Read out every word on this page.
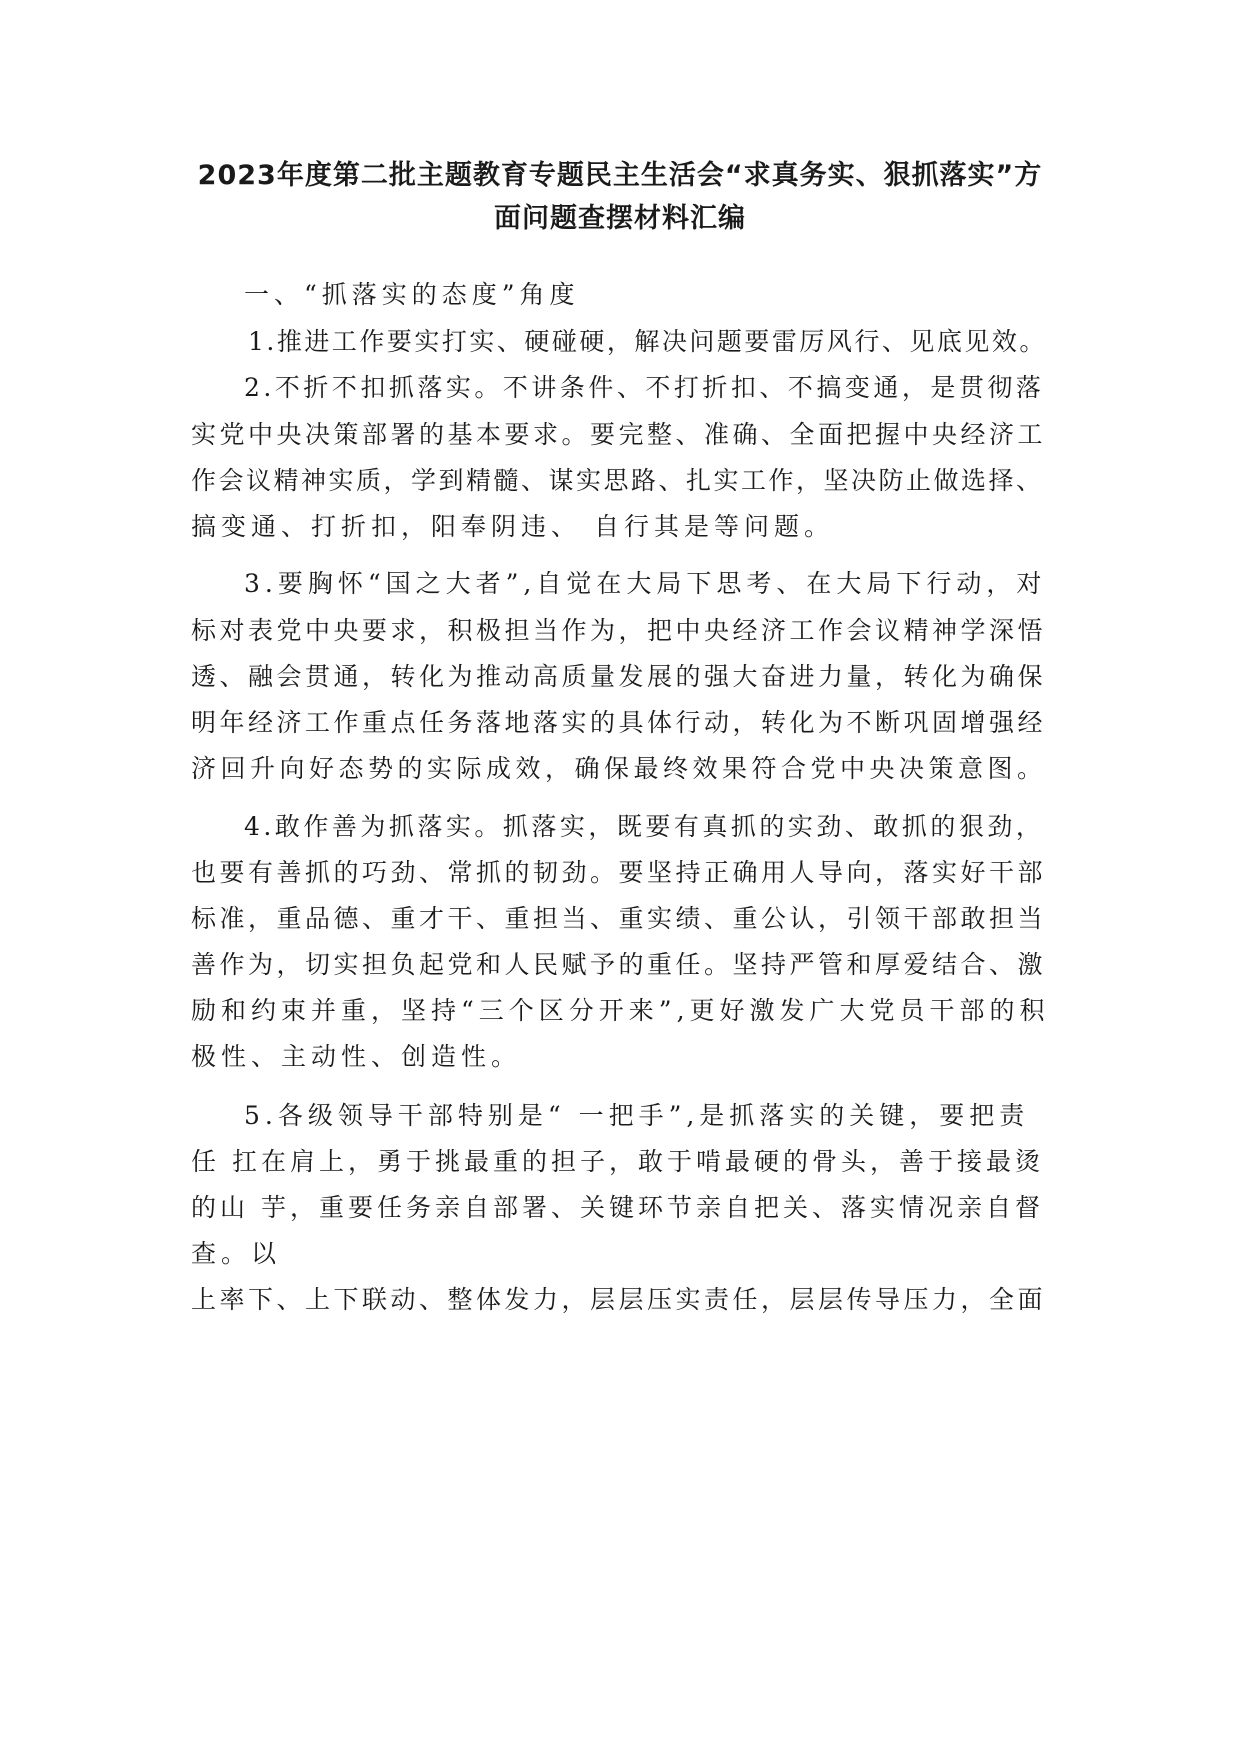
2023年度第二批主题教育专题民主生活会“求真务实、狠抓落实”方
面问题查摆材料汇编
一、“抓落实的态度”角度
1.推进工作要实打实、硬碰硬，解决问题要雷厉风行、见底见效。
2.不折不扣抓落实。不讲条件、不打折扣、不搞变通，是贯彻落
实党中央决策部署的基本要求。要完整、准确、全面把握中央经济工
作会议精神实质，学到精髓、谋实思路、扎实工作，坚决防止做选择、
搞变通、打折扣，阳奉阴违、 自行其是等问题。
3.要胸怀“国之大者”,自觉在大局下思考、在大局下行动，对
标对表党中央要求，积极担当作为，把中央经济工作会议精神学深悟
透、融会贯通，转化为推动高质量发展的强大奋进力量，转化为确保
明年经济工作重点任务落地落实的具体行动，转化为不断巩固增强经
济回升向好态势的实际成效，确保最终效果符合党中央决策意图。
4.敢作善为抓落实。抓落实，既要有真抓的实劲、敢抓的狠劲，
也要有善抓的巧劲、常抓的韧劲。要坚持正确用人导向，落实好干部
标准，重品德、重才干、重担当、重实绩、重公认，引领干部敢担当
善作为，切实担负起党和人民赋予的重任。坚持严管和厚爱结合、激
励和约束并重，坚持“三个区分开来”,更好激发广大党员干部的积
极性、主动性、创造性。
5.各级领导干部特别是“ 一把手”,是抓落实的关键，要把责
任 扛在肩上，勇于挑最重的担子，敢于啃最硬的骨头，善于接最烫
的山 芋，重要任务亲自部署、关键环节亲自把关、落实情况亲自督
查。以
上率下、上下联动、整体发力，层层压实责任，层层传导压力，全面
